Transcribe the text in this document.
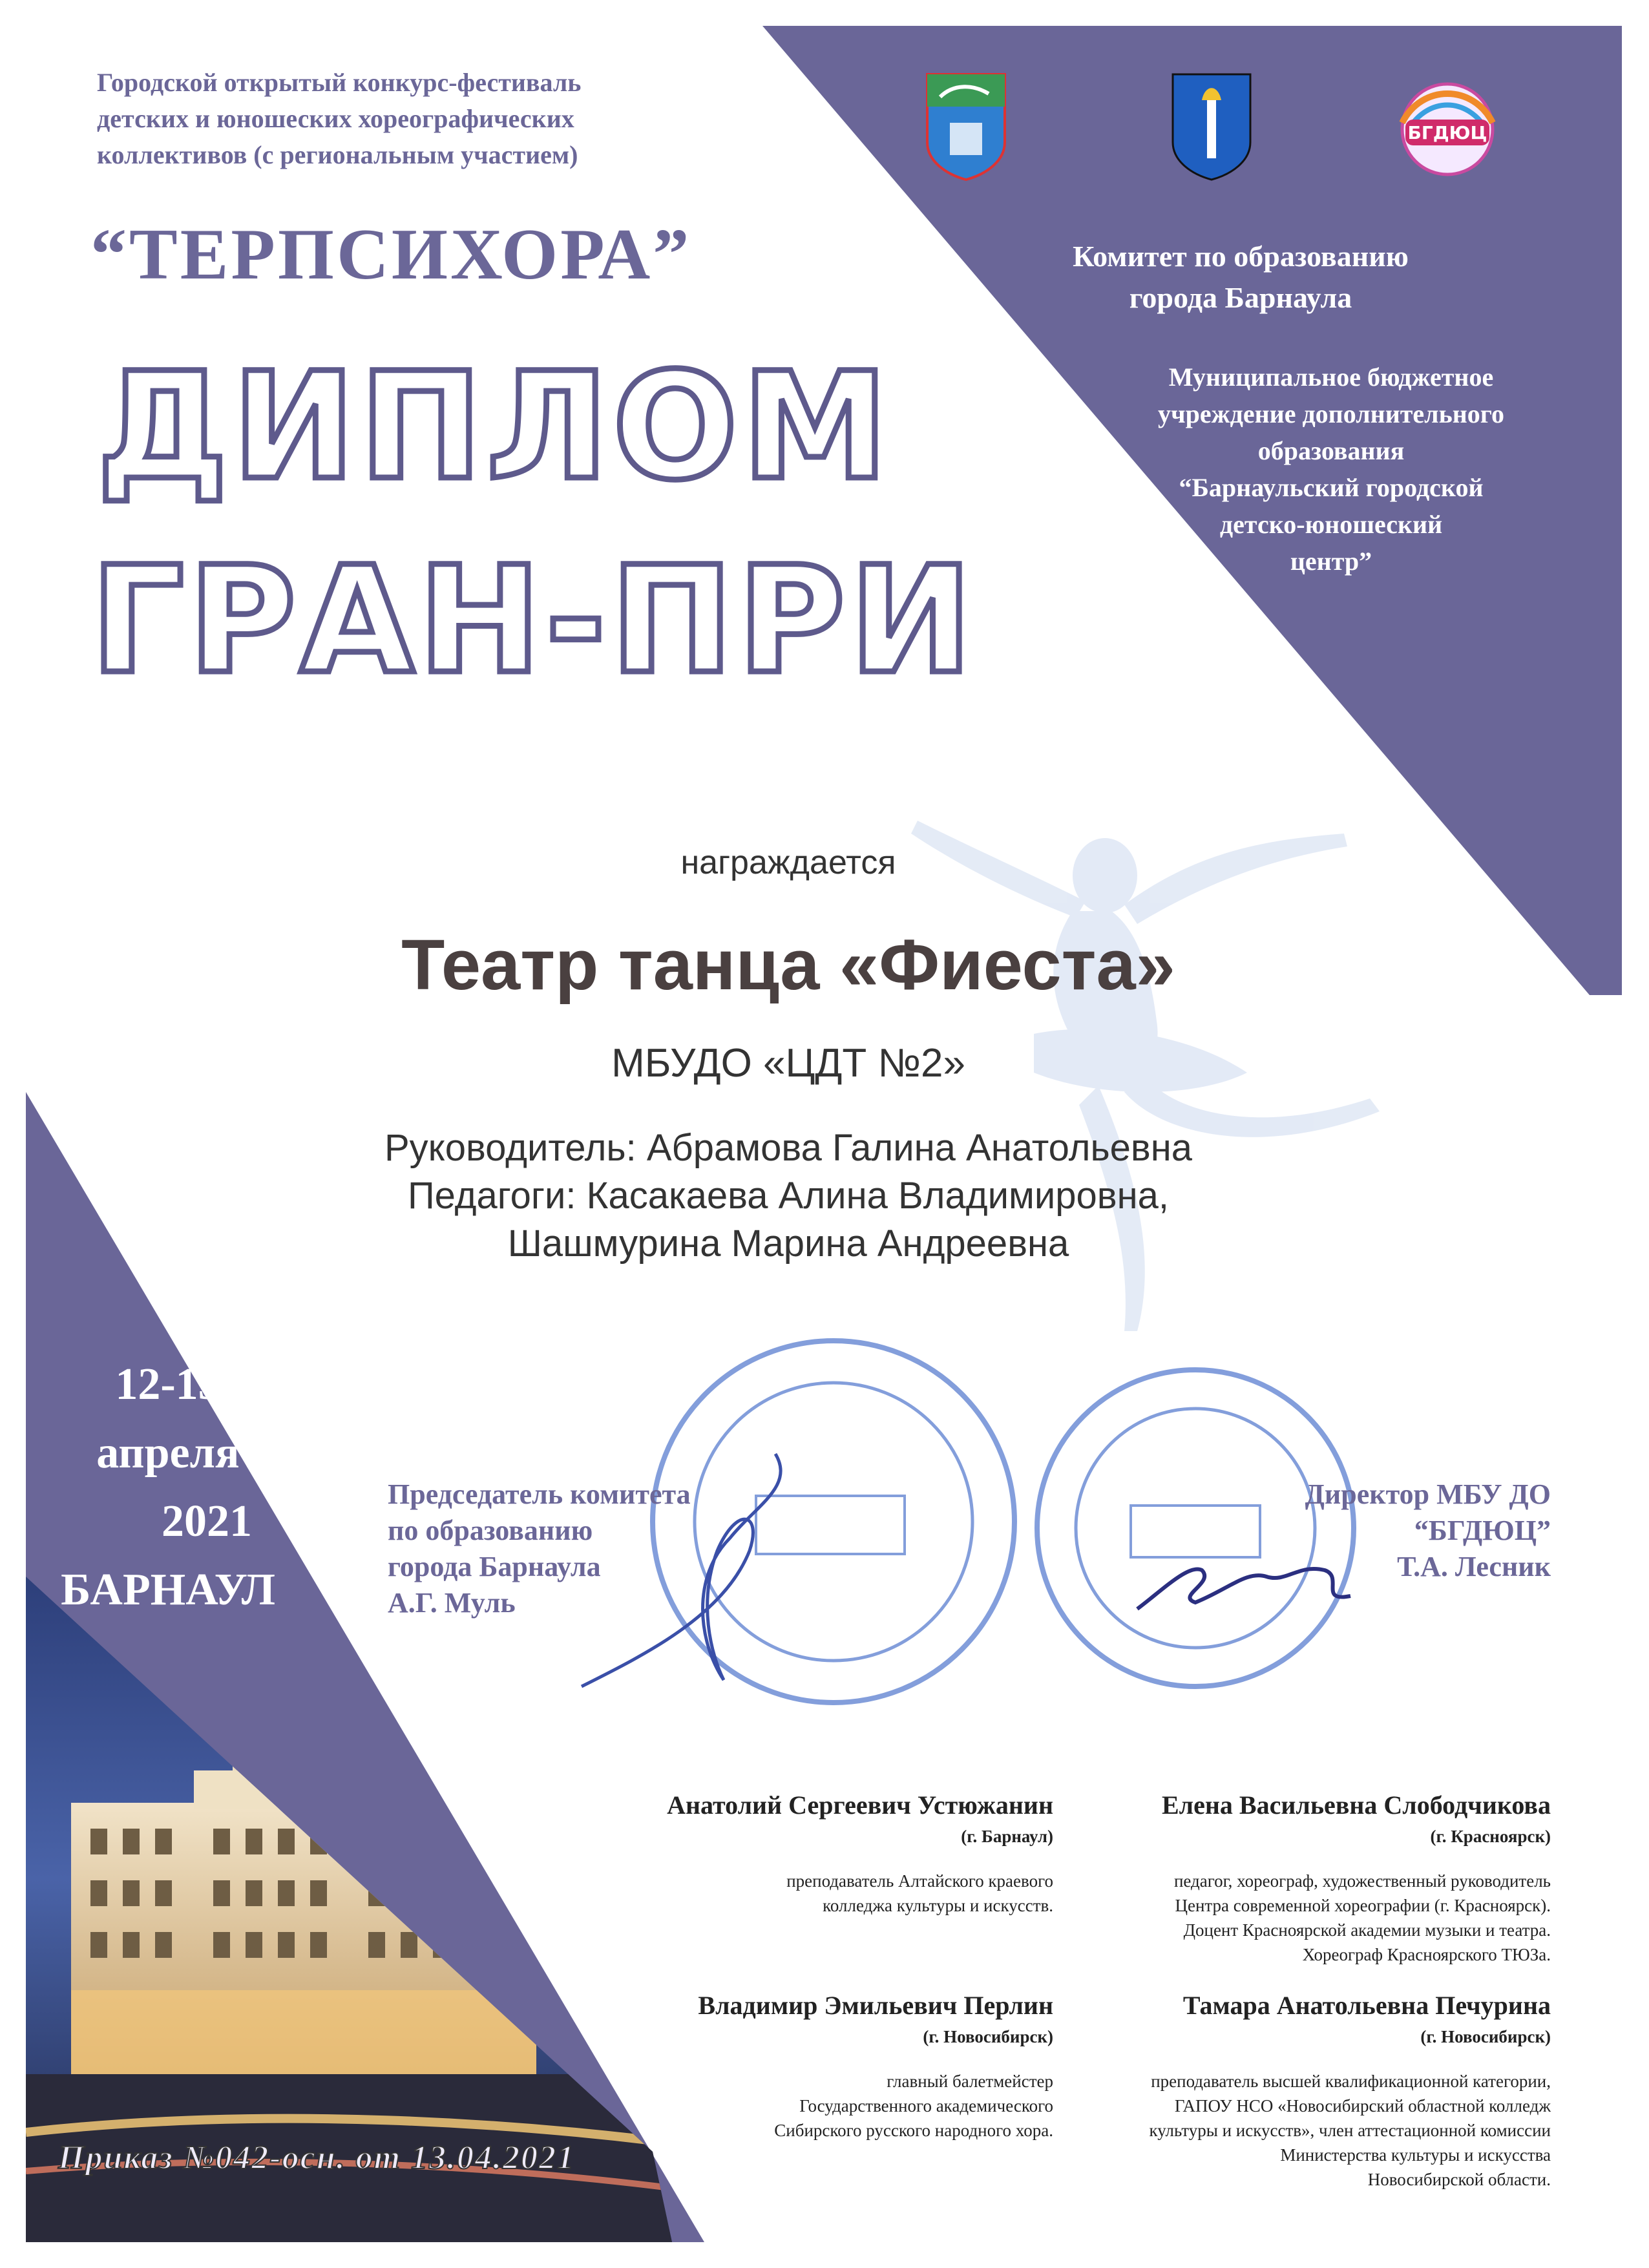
БГДЮЦ
Городской открытый конкурс-фестиваль
детских и юношеских хореографических
коллективов (с региональным участием)
“ТЕРПСИХОРА”
ДИПЛОМ
ГРАН-ПРИ
Комитет по образованию
города Барнаула
Муниципальное бюджетное
учреждение дополнительного
образования
“Барнаульский городской
детско-юношеский
центр”
награждается
Театр танца «Фиеста»
МБУДО «ЦДТ №2»
Руководитель: Абрамова Галина Анатольевна
Педагоги: Касакаева Алина Владимировна,
Шашмурина Марина Андреевна
12-13
апреля
2021
БАРНАУЛ
Председатель комитета
по образованию
города Барнаула
А.Г. Муль
Директор МБУ ДО
“БГДЮЦ”
Т.А. Лесник
Анатолий Сергеевич Устюжанин
(г. Барнаул)
преподаватель Алтайского краевого
колледжа культуры и искусств.
Елена Васильевна Слободчикова
(г. Красноярск)
педагог, хореограф, художественный руководитель
Центра современной хореографии (г. Красноярск).
Доцент Красноярской академии музыки и театра.
Хореограф Красноярского ТЮЗа.
Владимир Эмильевич Перлин
(г. Новосибирск)
главный балетмейстер
Государственного академического
Сибирского русского народного хора.
Тамара Анатольевна Печурина
(г. Новосибирск)
преподаватель высшей квалификационной категории,
ГАПОУ НСО «Новосибирский областной колледж
культуры и искусств», член аттестационной комиссии
Министерства культуры и искусства
Новосибирской области.
Приказ №042-осн. от 13.04.2021
